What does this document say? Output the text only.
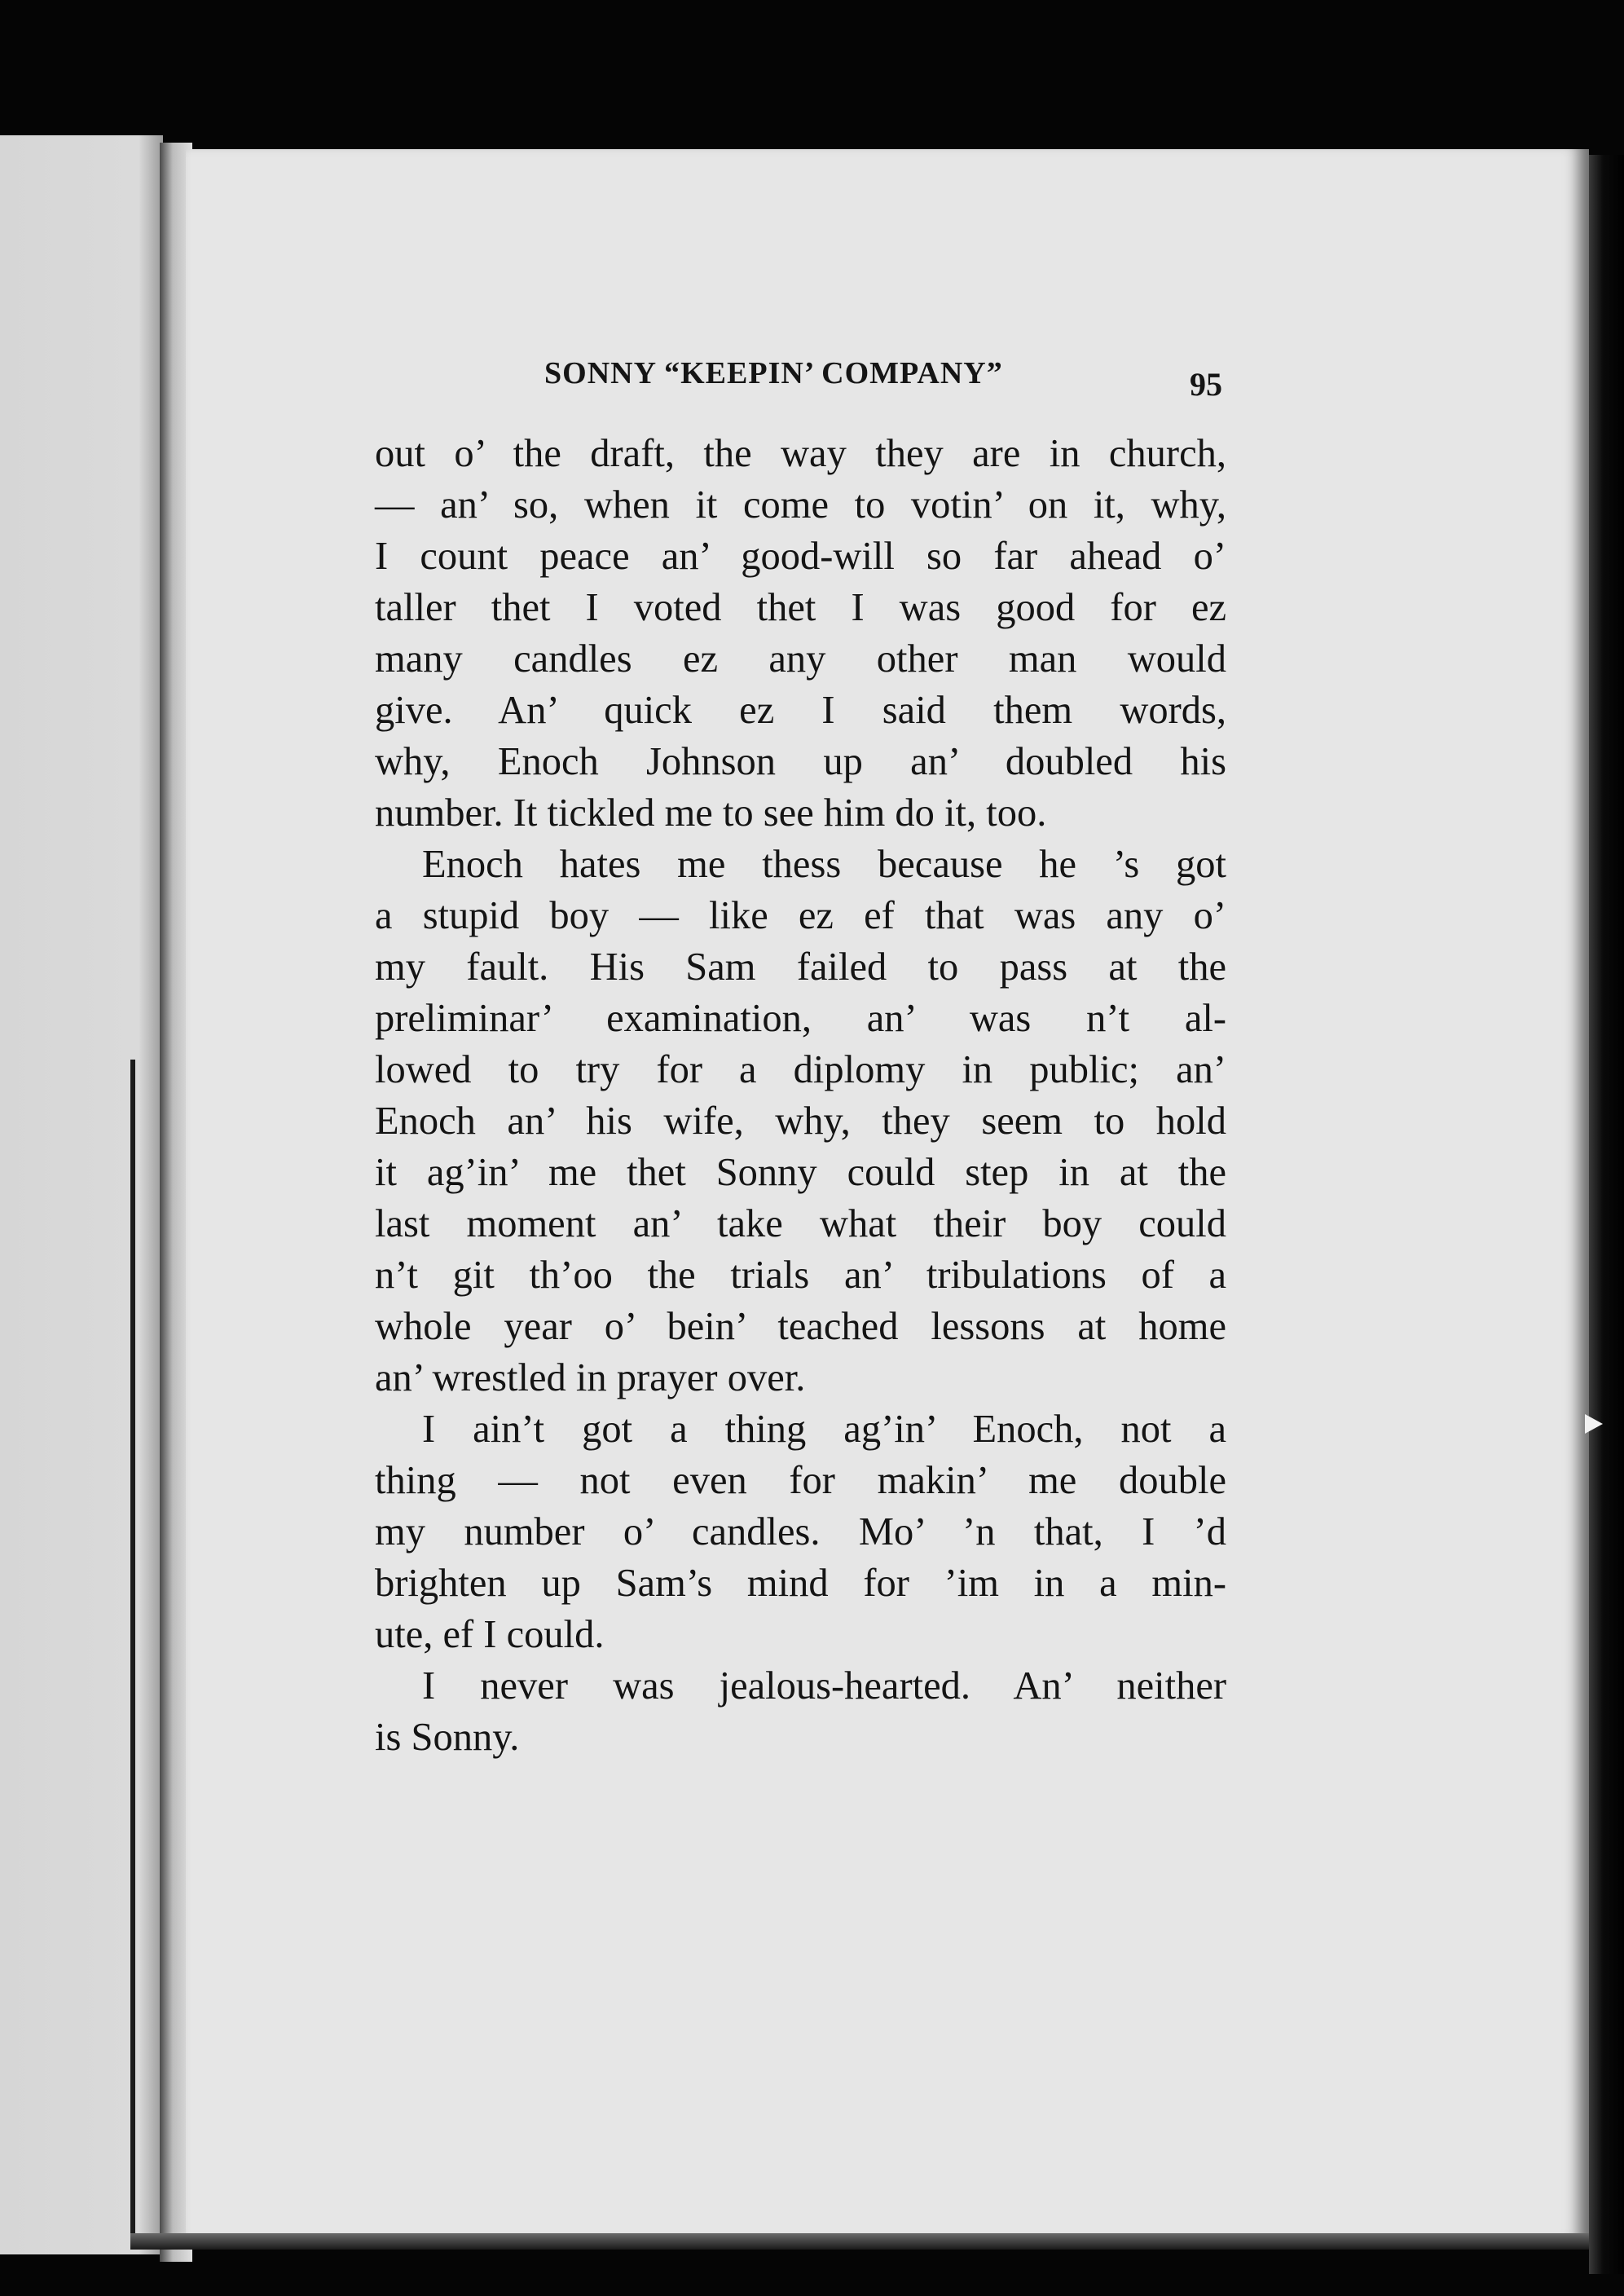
SONNY “KEEPIN’ COMPANY”	95
out o’ the draft, the way they are in church,
— an’ so, when it come to votin’ on it, why,
I count peace an’ good-will so far ahead o’
taller thet I voted thet I was good for ez
many candles ez any other man would
give. An’ quick ez I said them words,
why, Enoch Johnson up an’ doubled his
number. It tickled me to see him do it, too.
Enoch hates me thess because he ’s got
a stupid boy — like ez ef that was any o’
my fault. His Sam failed to pass at the
preliminar’ examination, an’ was n’t al-
lowed to try for a diplomy in public; an’
Enoch an’ his wife, why, they seem to hold
it ag’in’ me thet Sonny could step in at the
last moment an’ take what their boy could
n’t git th’oo the trials an’ tribulations of a
whole year o’ bein’ teached lessons at home
an’ wrestled in prayer over.
I ain’t got a thing ag’in’ Enoch, not a
thing — not even for makin’ me double
my number o’ candles. Mo’ ’n that, I ’d
brighten up Sam’s mind for ’im in a min-
ute, ef I could.
I never was jealous-hearted. An’ neither
is Sonny.
